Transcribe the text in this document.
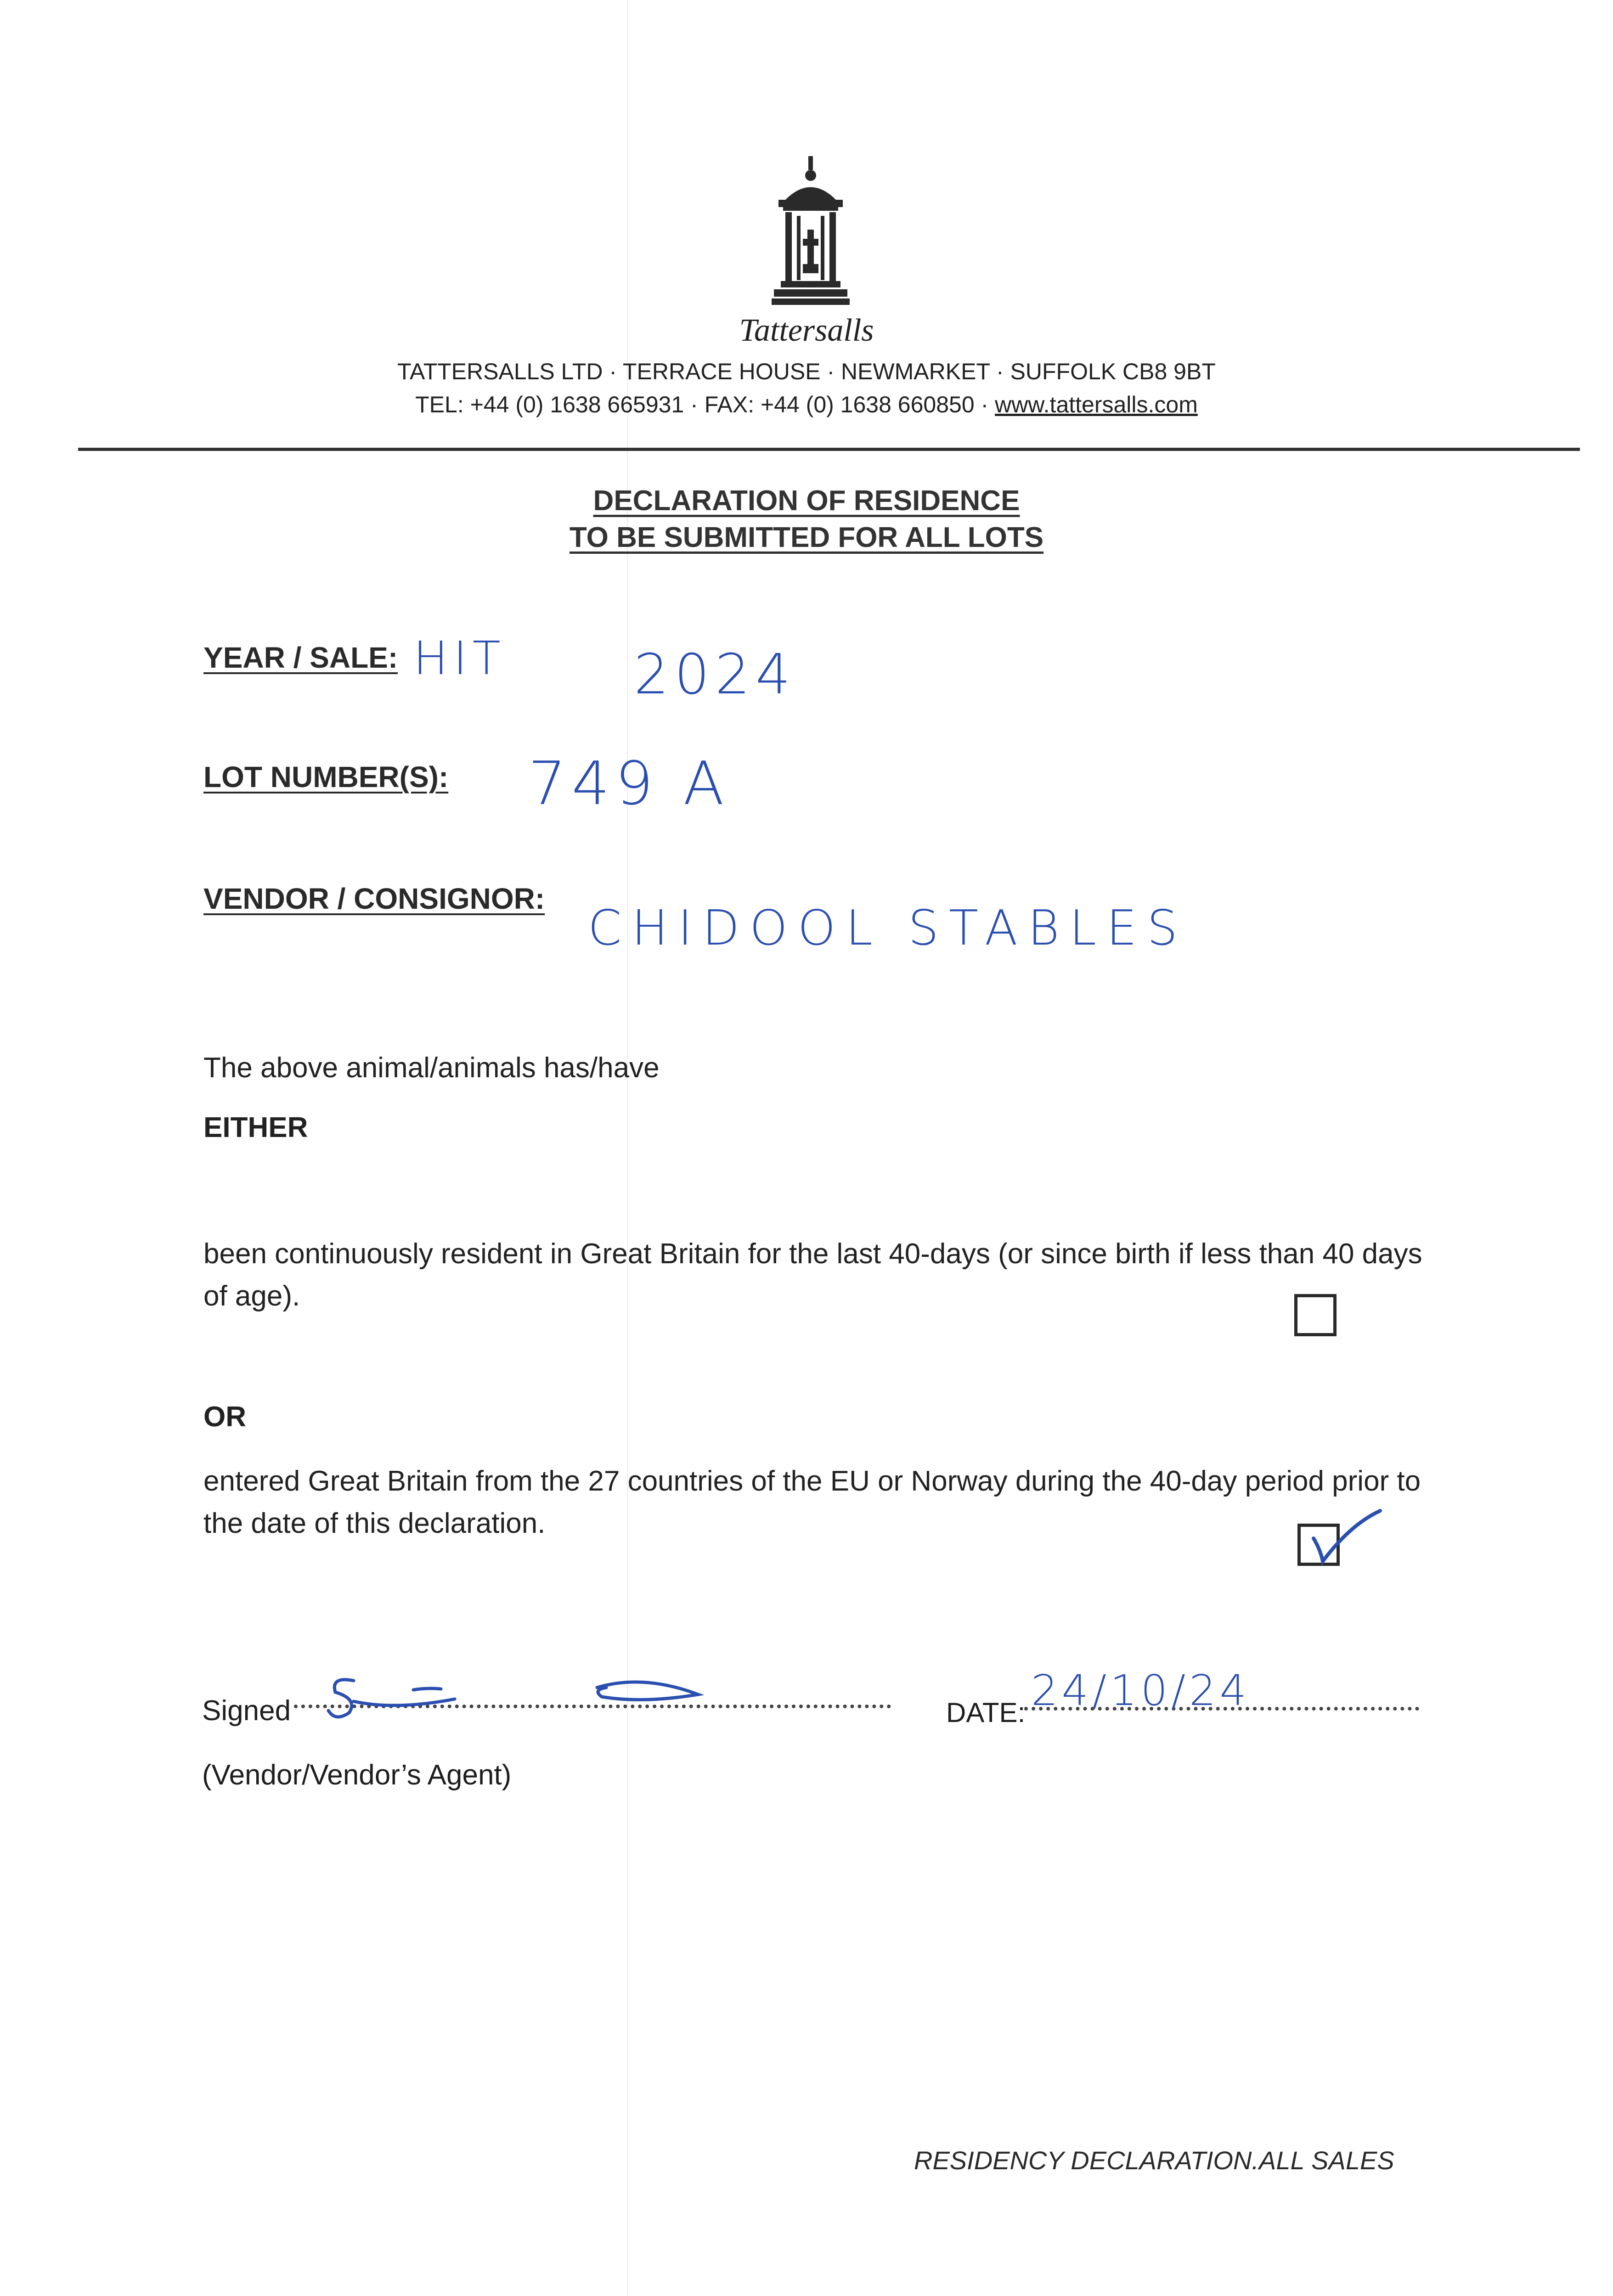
Tattersalls
TATTERSALLS LTD · TERRACE HOUSE · NEWMARKET · SUFFOLK CB8 9BT
TEL: +44 (0) 1638 665931 · FAX: +44 (0) 1638 660850 · www.tattersalls.com
DECLARATION OF RESIDENCE
TO BE SUBMITTED FOR ALL LOTS
YEAR / SALE: HIT 2024
LOT NUMBER(S): 749 A
VENDOR / CONSIGNOR:
CHIDOOL STABLES
The above animal/animals has/have
EITHER
been continuously resident in Great Britain for the last 40-days (or since birth if less than 40 days of age).
OR
entered Great Britain from the 27 countries of the EU or Norway during the 40-day period prior to the date of this declaration.
Signed
(Vendor/Vendor’s Agent)
DATE: 24/10/24
RESIDENCY DECLARATION.ALL SALES
